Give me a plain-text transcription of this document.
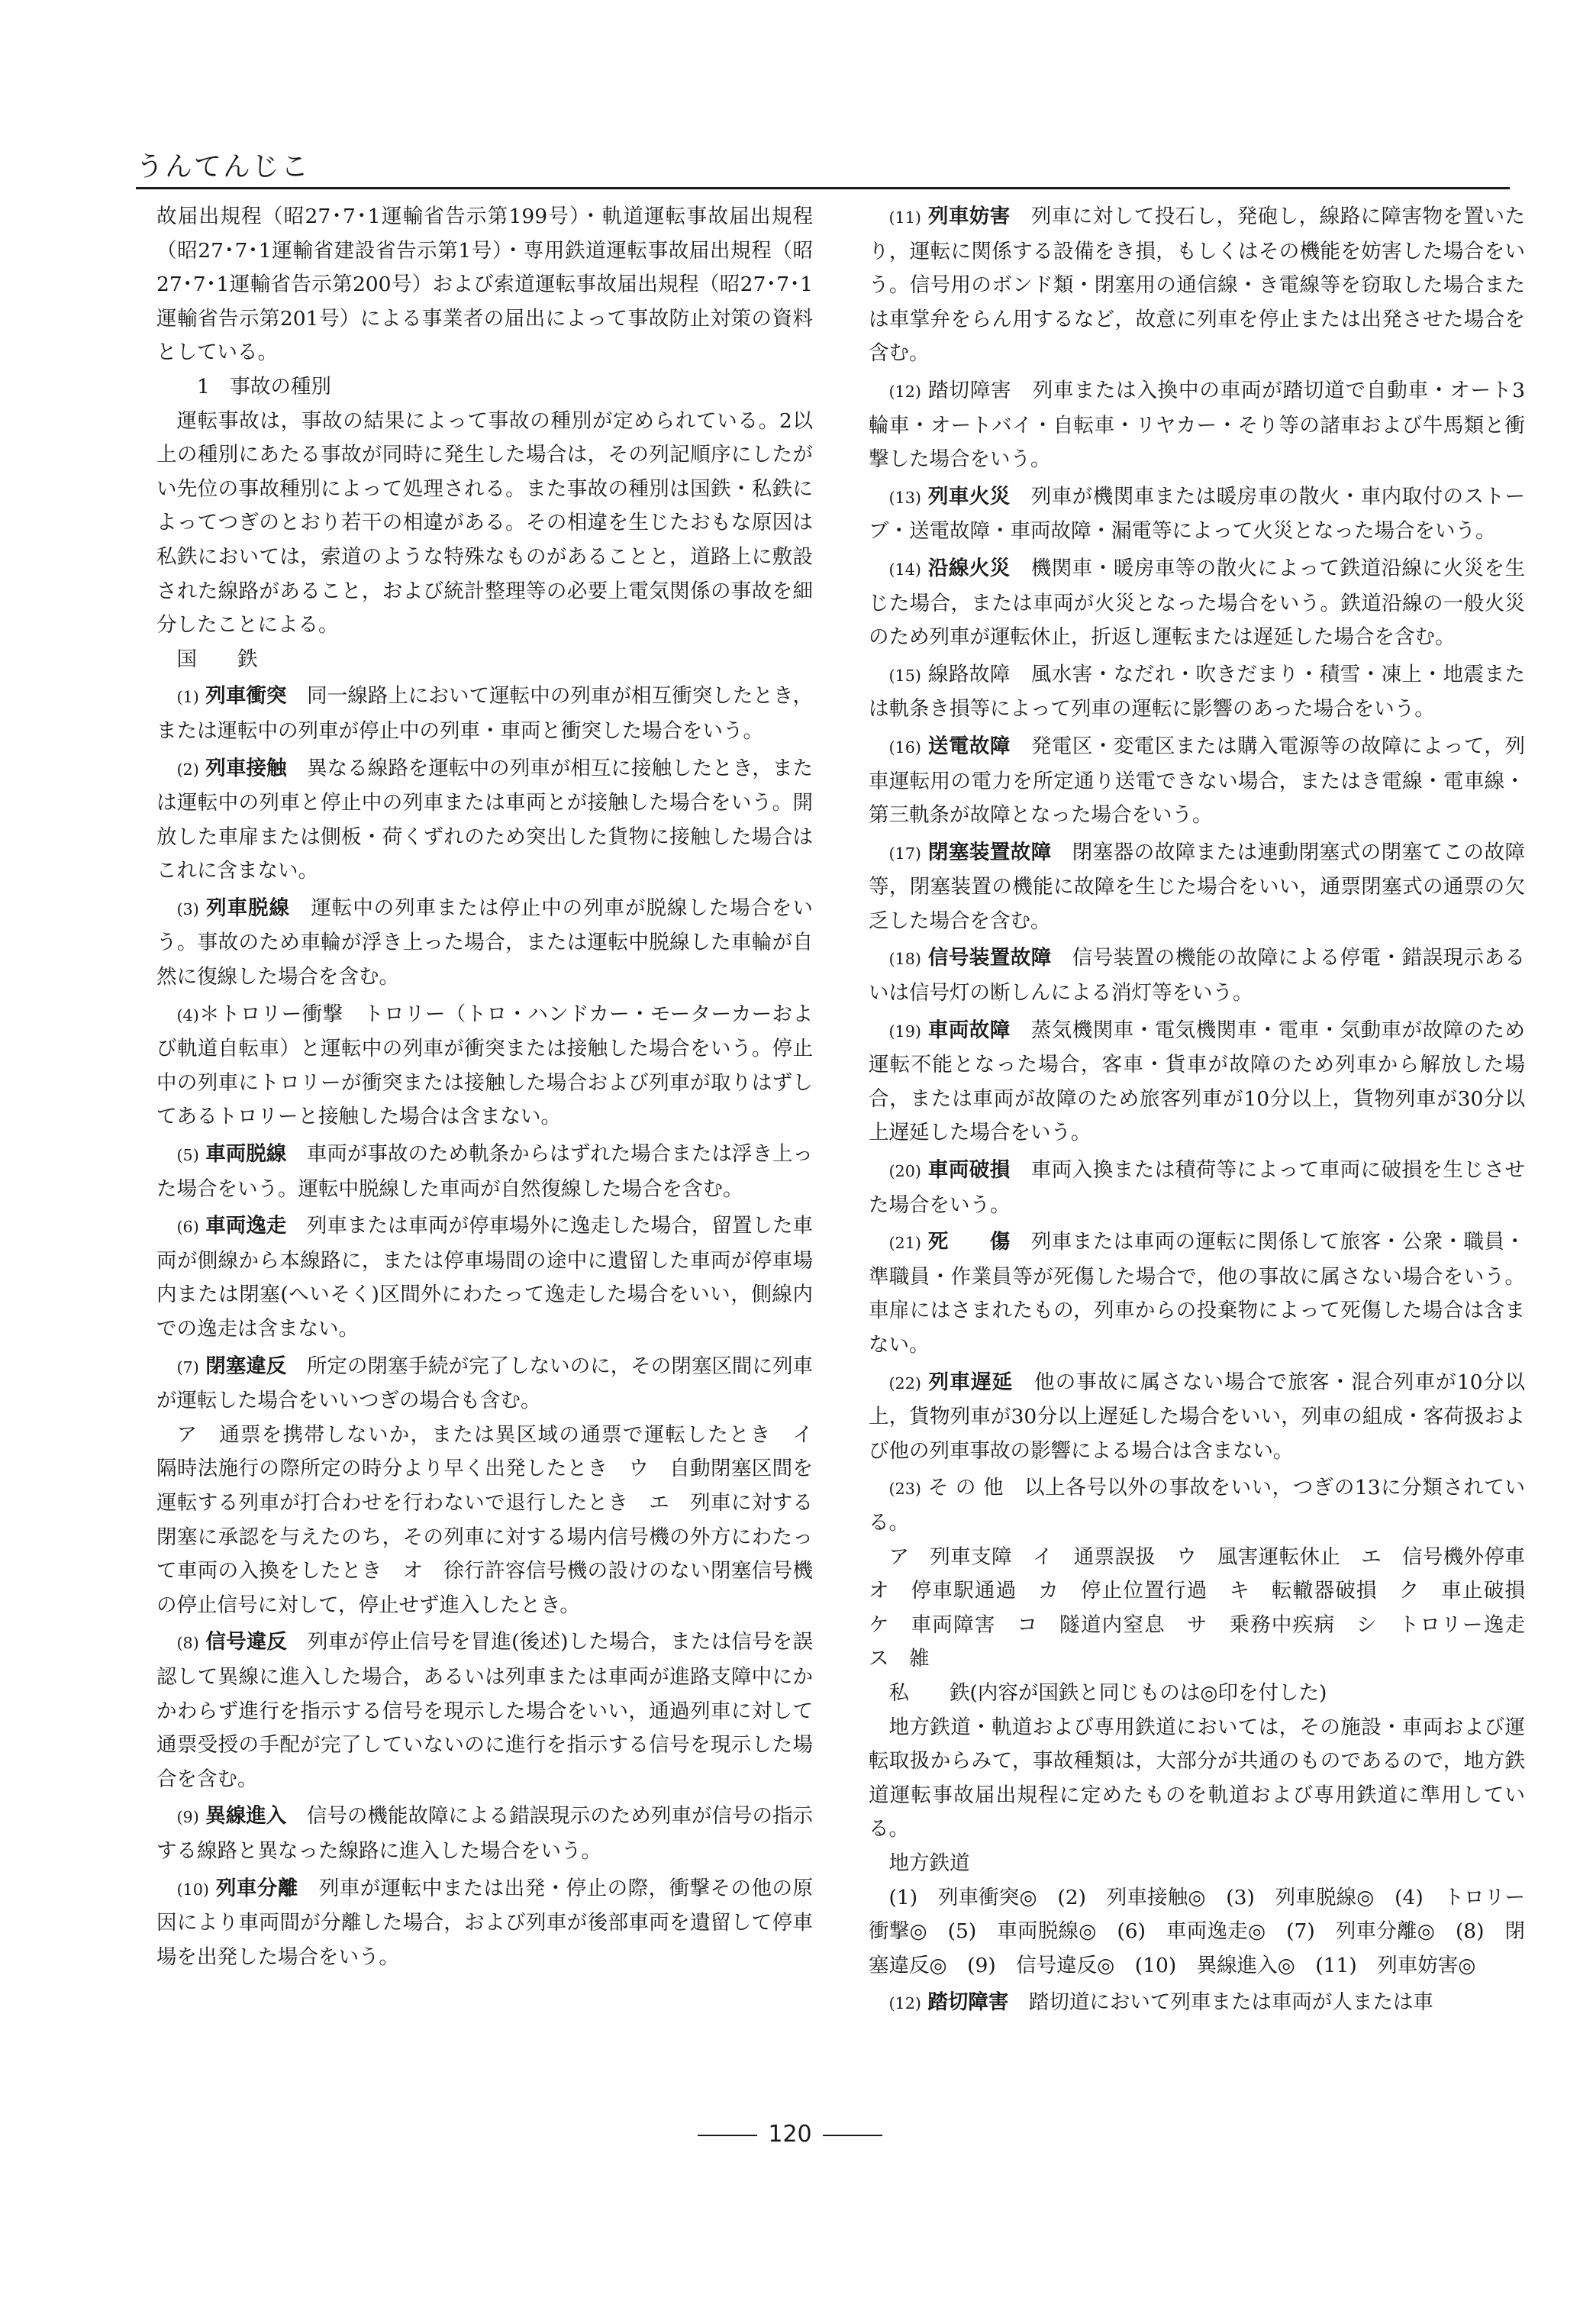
うんてんじこ

故届出規程（昭27･7･1運輸省告示第199号）・軌道運転事故届出規程（昭27･7･1運輸省建設省告示第1号）・専用鉄道運転事故届出規程（昭27･7･1運輸省告示第200号）および索道運転事故届出規程（昭27･7･1運輸省告示第201号）による事業者の届出によって事故防止対策の資料としている。

1　事故の種別

運転事故は，事故の結果によって事故の種別が定められている。2以上の種別にあたる事故が同時に発生した場合は，その列記順序にしたがい先位の事故種別によって処理される。また事故の種別は国鉄・私鉄によってつぎのとおり若干の相違がある。その相違を生じたおもな原因は私鉄においては，索道のような特殊なものがあることと，道路上に敷設された線路があること，および統計整理等の必要上電気関係の事故を細分したことによる。

国　　鉄

(1) 列車衝突　同一線路上において運転中の列車が相互衝突したとき，または運転中の列車が停止中の列車・車両と衝突した場合をいう。

(2) 列車接触　異なる線路を運転中の列車が相互に接触したとき，または運転中の列車と停止中の列車または車両とが接触した場合をいう。開放した車扉または側板・荷くずれのため突出した貨物に接触した場合はこれに含まない。

(3) 列車脱線　運転中の列車または停止中の列車が脱線した場合をいう。事故のため車輪が浮き上った場合，または運転中脱線した車輪が自然に復線した場合を含む。

(4)＊トロリー衝撃　トロリー（トロ・ハンドカー・モーターカーおよび軌道自転車）と運転中の列車が衝突または接触した場合をいう。停止中の列車にトロリーが衝突または接触した場合および列車が取りはずしてあるトロリーと接触した場合は含まない。

(5) 車両脱線　車両が事故のため軌条からはずれた場合または浮き上った場合をいう。運転中脱線した車両が自然復線した場合を含む。

(6) 車両逸走　列車または車両が停車場外に逸走した場合，留置した車両が側線から本線路に，または停車場間の途中に遺留した車両が停車場内または閉塞(へいそく)区間外にわたって逸走した場合をいい，側線内での逸走は含まない。

(7) 閉塞違反　所定の閉塞手続が完了しないのに，その閉塞区間に列車が運転した場合をいいつぎの場合も含む。

ア　通票を携帯しないか，または異区域の通票で運転したとき　イ　隔時法施行の際所定の時分より早く出発したとき　ウ　自動閉塞区間を運転する列車が打合わせを行わないで退行したとき　エ　列車に対する閉塞に承認を与えたのち，その列車に対する場内信号機の外方にわたって車両の入換をしたとき　オ　徐行許容信号機の設けのない閉塞信号機の停止信号に対して，停止せず進入したとき。

(8) 信号違反　列車が停止信号を冒進(後述)した場合，または信号を誤認して異線に進入した場合，あるいは列車または車両が進路支障中にかかわらず進行を指示する信号を現示した場合をいい，通過列車に対して通票受授の手配が完了していないのに進行を指示する信号を現示した場合を含む。

(9) 異線進入　信号の機能故障による錯誤現示のため列車が信号の指示する線路と異なった線路に進入した場合をいう。

(10) 列車分離　列車が運転中または出発・停止の際，衝撃その他の原因により車両間が分離した場合，および列車が後部車両を遺留して停車場を出発した場合をいう。

(11) 列車妨害　列車に対して投石し，発砲し，線路に障害物を置いたり，運転に関係する設備をき損，もしくはその機能を妨害した場合をいう。信号用のボンド類・閉塞用の通信線・き電線等を窃取した場合または車掌弁をらん用するなど，故意に列車を停止または出発させた場合を含む。

(12) 踏切障害　列車または入換中の車両が踏切道で自動車・オート3輪車・オートバイ・自転車・リヤカー・そり等の諸車および牛馬類と衝撃した場合をいう。

(13) 列車火災　列車が機関車または暖房車の散火・車内取付のストーブ・送電故障・車両故障・漏電等によって火災となった場合をいう。

(14) 沿線火災　機関車・暖房車等の散火によって鉄道沿線に火災を生じた場合，または車両が火災となった場合をいう。鉄道沿線の一般火災のため列車が運転休止，折返し運転または遅延した場合を含む。

(15) 線路故障　風水害・なだれ・吹きだまり・積雪・凍上・地震または軌条き損等によって列車の運転に影響のあった場合をいう。

(16) 送電故障　発電区・変電区または購入電源等の故障によって，列車運転用の電力を所定通り送電できない場合，またはき電線・電車線・第三軌条が故障となった場合をいう。

(17) 閉塞装置故障　閉塞器の故障または連動閉塞式の閉塞てこの故障等，閉塞装置の機能に故障を生じた場合をいい，通票閉塞式の通票の欠乏した場合を含む。

(18) 信号装置故障　信号装置の機能の故障による停電・錯誤現示あるいは信号灯の断しんによる消灯等をいう。

(19) 車両故障　蒸気機関車・電気機関車・電車・気動車が故障のため運転不能となった場合，客車・貨車が故障のため列車から解放した場合，または車両が故障のため旅客列車が10分以上，貨物列車が30分以上遅延した場合をいう。

(20) 車両破損　車両入換または積荷等によって車両に破損を生じさせた場合をいう。

(21) 死　　傷　列車または車両の運転に関係して旅客・公衆・職員・準職員・作業員等が死傷した場合で，他の事故に属さない場合をいう。車扉にはさまれたもの，列車からの投棄物によって死傷した場合は含まない。

(22) 列車遅延　他の事故に属さない場合で旅客・混合列車が10分以上，貨物列車が30分以上遅延した場合をいい，列車の組成・客荷扱および他の列車事故の影響による場合は含まない。

(23) そ の 他　以上各号以外の事故をいい，つぎの13に分類されている。

ア　列車支障　イ　通票誤扱　ウ　風害運転休止　エ　信号機外停車　オ　停車駅通過　カ　停止位置行過　キ　転轍器破損　ク　車止破損　ケ　車両障害　コ　隧道内窒息　サ　乗務中疾病　シ　トロリー逸走　ス　雑

私　　鉄(内容が国鉄と同じものは◎印を付した)

地方鉄道・軌道および専用鉄道においては，その施設・車両および運転取扱からみて，事故種類は，大部分が共通のものであるので，地方鉄道運転事故届出規程に定めたものを軌道および専用鉄道に準用している。

地方鉄道

(1)　列車衝突◎　(2)　列車接触◎　(3)　列車脱線◎　(4)　トロリー衝撃◎　(5)　車両脱線◎　(6)　車両逸走◎　(7)　列車分離◎　(8)　閉塞違反◎　(9)　信号違反◎　(10)　異線進入◎　(11)　列車妨害◎

(12) 踏切障害　踏切道において列車または車両が人または車

120
